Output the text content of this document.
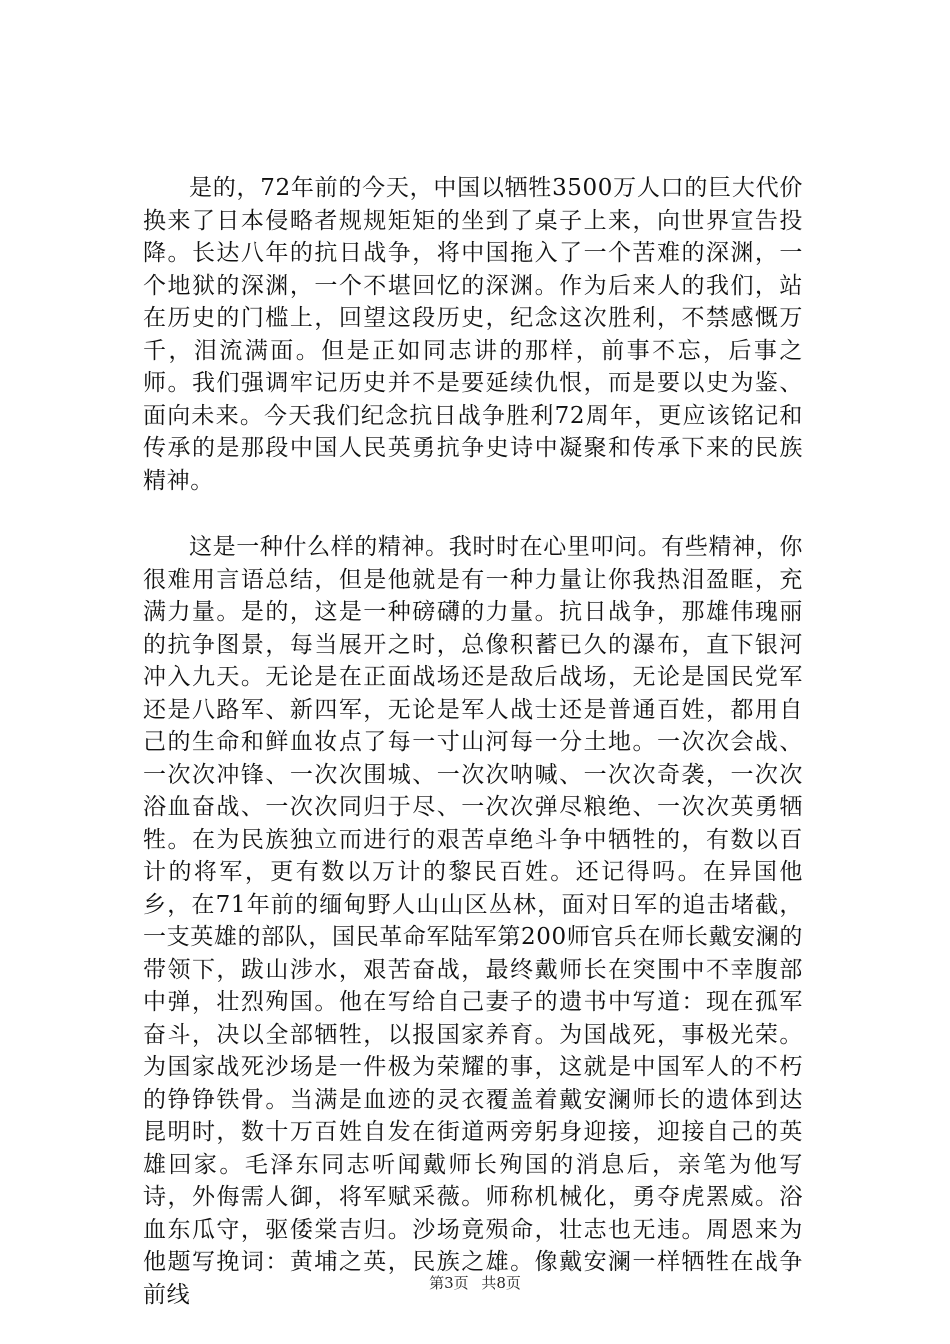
是的，72年前的今天，中国以牺牲3500万人口的巨大代价换来了日本侵略者规规矩矩的坐到了桌子上来，向世界宣告投降。长达八年的抗日战争，将中国拖入了一个苦难的深渊，一个地狱的深渊，一个不堪回忆的深渊。作为后来人的我们，站在历史的门槛上，回望这段历史，纪念这次胜利，不禁感慨万千，泪流满面。但是正如同志讲的那样，前事不忘，后事之师。我们强调牢记历史并不是要延续仇恨，而是要以史为鉴、面向未来。今天我们纪念抗日战争胜利72周年，更应该铭记和传承的是那段中国人民英勇抗争史诗中凝聚和传承下来的民族精神。

这是一种什么样的精神。我时时在心里叩问。有些精神，你很难用言语总结，但是他就是有一种力量让你我热泪盈眶，充满力量。是的，这是一种磅礴的力量。抗日战争，那雄伟瑰丽的抗争图景，每当展开之时，总像积蓄已久的瀑布，直下银河冲入九天。无论是在正面战场还是敌后战场，无论是国民党军还是八路军、新四军，无论是军人战士还是普通百姓，都用自己的生命和鲜血妆点了每一寸山河每一分土地。一次次会战、一次次冲锋、一次次围城、一次次呐喊、一次次奇袭，一次次浴血奋战、一次次同归于尽、一次次弹尽粮绝、一次次英勇牺牲。在为民族独立而进行的艰苦卓绝斗争中牺牲的，有数以百计的将军，更有数以万计的黎民百姓。还记得吗。在异国他乡，在71年前的缅甸野人山山区丛林，面对日军的追击堵截，一支英雄的部队，国民革命军陆军第200师官兵在师长戴安澜的带领下，跋山涉水，艰苦奋战，最终戴师长在突围中不幸腹部中弹，壮烈殉国。他在写给自己妻子的遗书中写道：现在孤军奋斗，决以全部牺牲，以报国家养育。为国战死，事极光荣。为国家战死沙场是一件极为荣耀的事，这就是中国军人的不朽的铮铮铁骨。当满是血迹的灵衣覆盖着戴安澜师长的遗体到达昆明时，数十万百姓自发在街道两旁躬身迎接，迎接自己的英雄回家。毛泽东同志听闻戴师长殉国的消息后，亲笔为他写诗，外侮需人御，将军赋采薇。师称机械化，勇夺虎罴威。浴血东瓜守，驱倭棠吉归。沙场竟殒命，壮志也无违。周恩来为他题写挽词：黄埔之英，民族之雄。像戴安澜一样牺牲在战争前线	第3页 共8页
